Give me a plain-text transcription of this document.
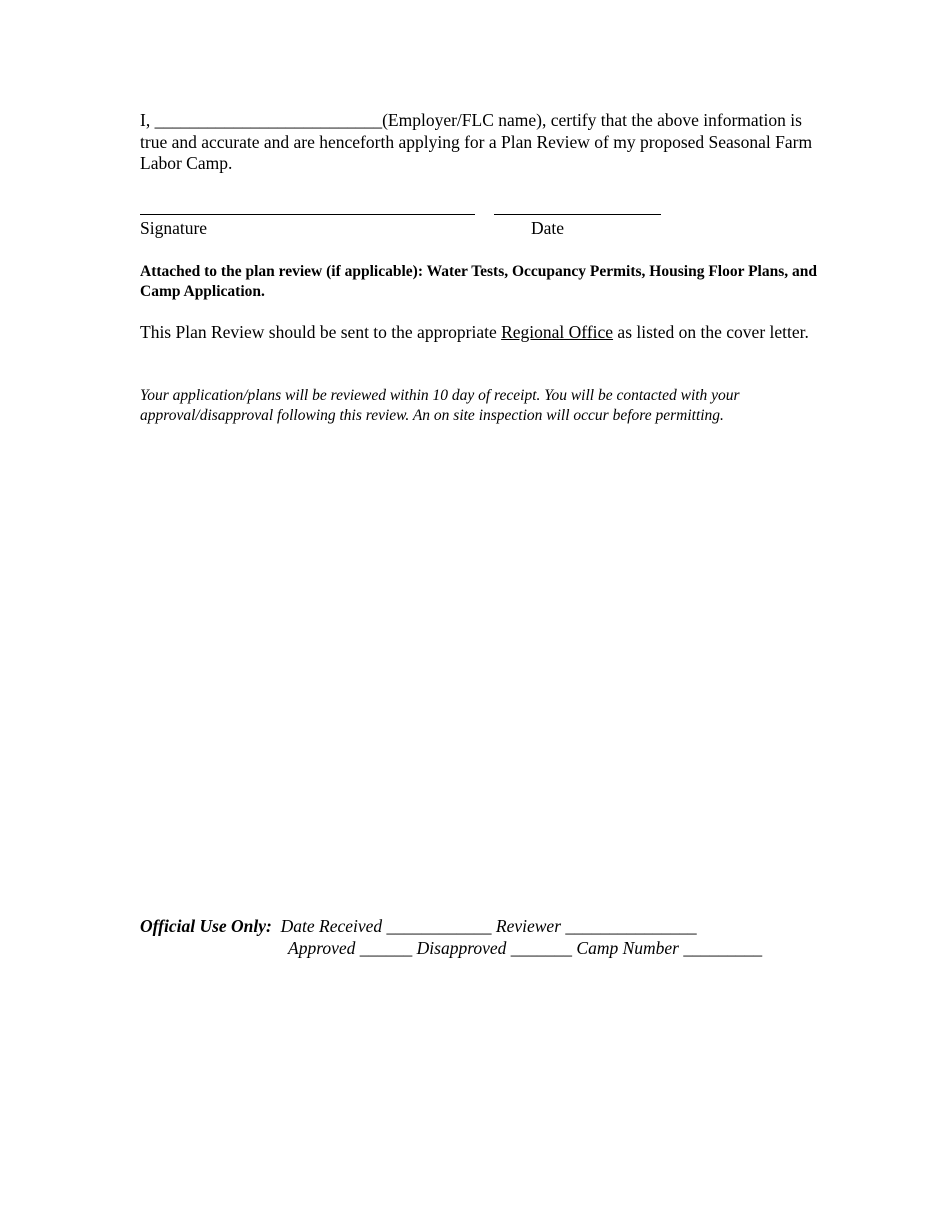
I, __________________________(Employer/FLC name), certify that the above information is true and accurate and are henceforth applying for a Plan Review of my proposed Seasonal Farm Labor Camp.
Signature	Date
Attached to the plan review (if applicable): Water Tests, Occupancy Permits, Housing Floor Plans, and Camp Application.
This Plan Review should be sent to the appropriate Regional Office as listed on the cover letter.
Your application/plans will be reviewed within 10 day of receipt. You will be contacted with your approval/disapproval following this review. An on site inspection will occur before permitting.
Official Use Only: Date Received ____________ Reviewer _______________
Approved ______ Disapproved _______ Camp Number _________
